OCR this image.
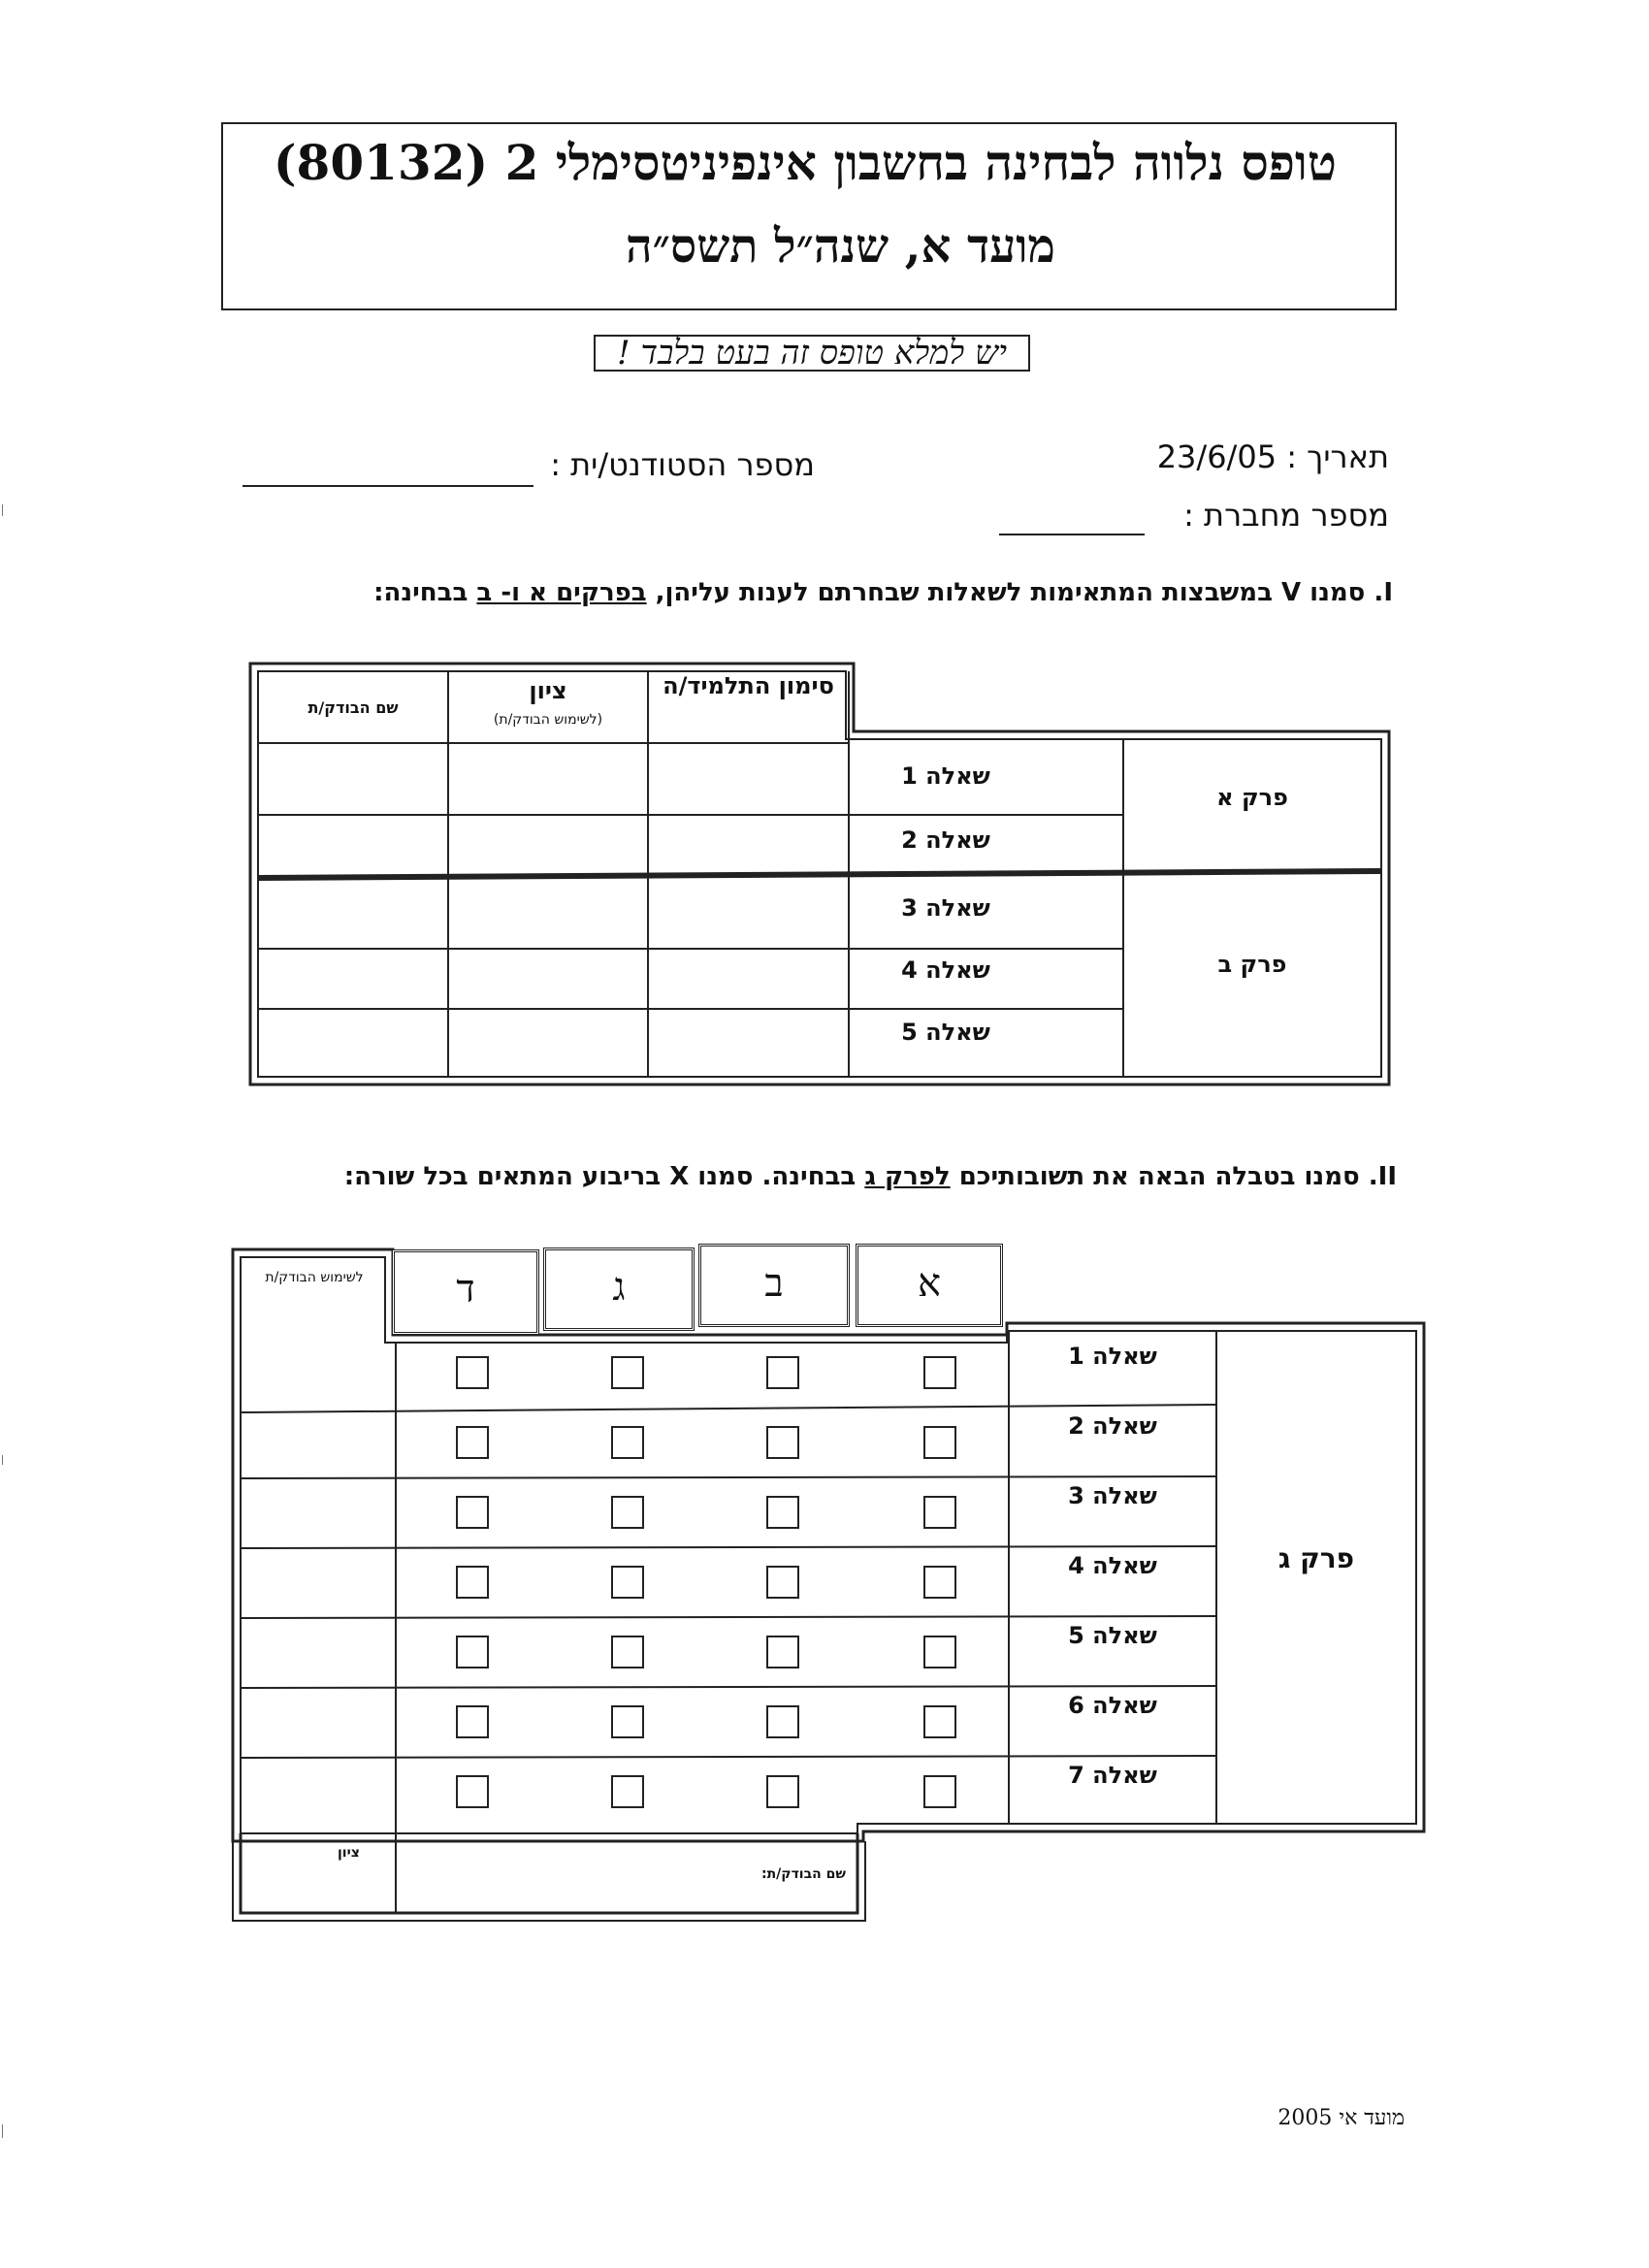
טופס נלווה לבחינה בחשבון אינפיניטסימלי 2 (80132)
מועד א, שנה״ל תשס״ה
יש למלא טופס זה בעט בלבד !
תאריך : 23/6/05
מספר הסטודנט/ית :
מספר מחברת :
I. סמנו V במשבצות המתאימות לשאלות שבחרתם לענות עליהן, בפרקים א ו- ב בבחינה:
סימון התלמיד/ה
ציון
(לשימוש הבודק/ת)
שם הבודק/ת
פרק א
פרק ב
שאלה 1
שאלה 2
שאלה 3
שאלה 4
שאלה 5
II. סמנו בטבלה הבאה את תשובותיכם לפרק ג בבחינה. סמנו X בריבוע המתאים בכל שורה:
א
ב
ג
ד
לשימוש הבודק/ת
פרק ג
שאלה 1
שאלה 2
שאלה 3
שאלה 4
שאלה 5
שאלה 6
שאלה 7
שם הבודק/ת:
ציון
מועד אי 2005
